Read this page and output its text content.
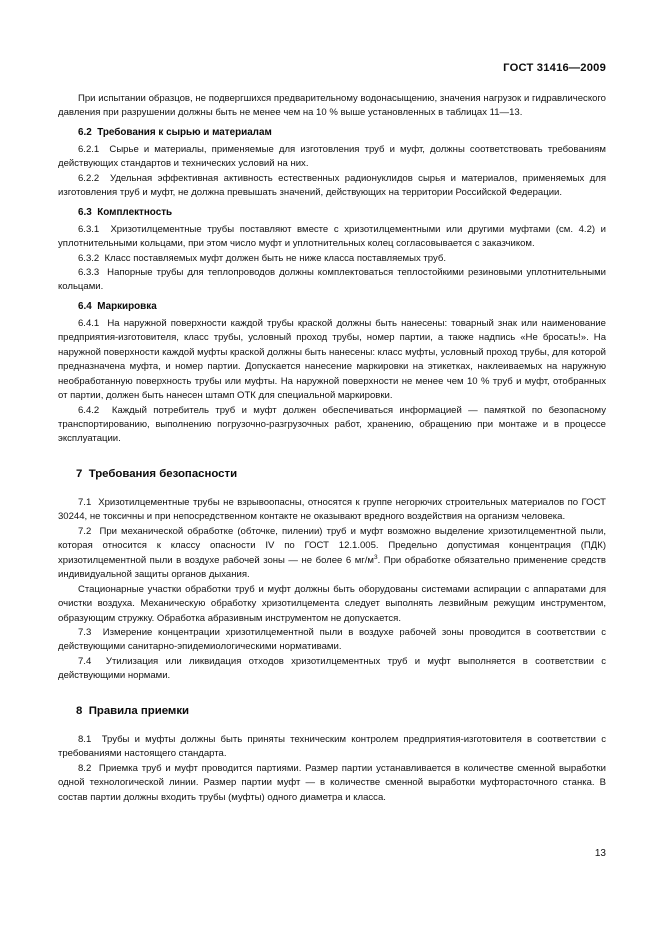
ГОСТ 31416—2009

При испытании образцов, не подвергшихся предварительному водонасыщению, значения нагрузок и гидравлического давления при разрушении должны быть не менее чем на 10 % выше установленных в таблицах 11—13.

6.2 Требования к сырью и материалам

6.2.1 Сырье и материалы, применяемые для изготовления труб и муфт, должны соответствовать требованиям действующих стандартов и технических условий на них.

6.2.2 Удельная эффективная активность естественных радионуклидов сырья и материалов, применяемых для изготовления труб и муфт, не должна превышать значений, действующих на территории Российской Федерации.

6.3 Комплектность

6.3.1 Хризотилцементные трубы поставляют вместе с хризотилцементными или другими муфтами (см. 4.2) и уплотнительными кольцами, при этом число муфт и уплотнительных колец согласовывается с заказчиком.

6.3.2 Класс поставляемых муфт должен быть не ниже класса поставляемых труб.

6.3.3 Напорные трубы для теплопроводов должны комплектоваться теплостойкими резиновыми уплотнительными кольцами.

6.4 Маркировка

6.4.1 На наружной поверхности каждой трубы краской должны быть нанесены: товарный знак или наименование предприятия-изготовителя, класс трубы, условный проход трубы, номер партии, а также надпись «Не бросать!». На наружной поверхности каждой муфты краской должны быть нанесены: класс муфты, условный проход трубы, для которой предназначена муфта, и номер партии. Допускается нанесение маркировки на этикетках, наклеиваемых на наружную необработанную поверхность трубы или муфты. На наружной поверхности не менее чем 10 % труб и муфт, отобранных от партии, должен быть нанесен штамп ОТК для специальной маркировки.

6.4.2 Каждый потребитель труб и муфт должен обеспечиваться информацией — памяткой по безопасному транспортированию, выполнению погрузочно-разгрузочных работ, хранению, обращению при монтаже и в процессе эксплуатации.

7 Требования безопасности

7.1 Хризотилцементные трубы не взрывоопасны, относятся к группе негорючих строительных материалов по ГОСТ 30244, не токсичны и при непосредственном контакте не оказывают вредного воздействия на организм человека.

7.2 При механической обработке (обточке, пилении) труб и муфт возможно выделение хризотилцементной пыли, которая относится к классу опасности IV по ГОСТ 12.1.005. Предельно допустимая концентрация (ПДК) хризотилцементной пыли в воздухе рабочей зоны — не более 6 $мг/м^3$. При обработке обязательно применение средств индивидуальной защиты органов дыхания.

Стационарные участки обработки труб и муфт должны быть оборудованы системами аспирации с аппаратами для очистки воздуха. Механическую обработку хризотилцемента следует выполнять лезвийным режущим инструментом, образующим стружку. Обработка абразивным инструментом не допускается.

7.3 Измерение концентрации хризотилцементной пыли в воздухе рабочей зоны проводится в соответствии с действующими санитарно-эпидемиологическими нормативами.

7.4 Утилизация или ликвидация отходов хризотилцементных труб и муфт выполняется в соответствии с действующими нормами.

8 Правила приемки

8.1 Трубы и муфты должны быть приняты техническим контролем предприятия-изготовителя в соответствии с требованиями настоящего стандарта.

8.2 Приемка труб и муфт проводится партиями. Размер партии устанавливается в количестве сменной выработки одной технологической линии. Размер партии муфт — в количестве сменной выработки муфторасточного станка. В состав партии должны входить трубы (муфты) одного диаметра и класса.

13
